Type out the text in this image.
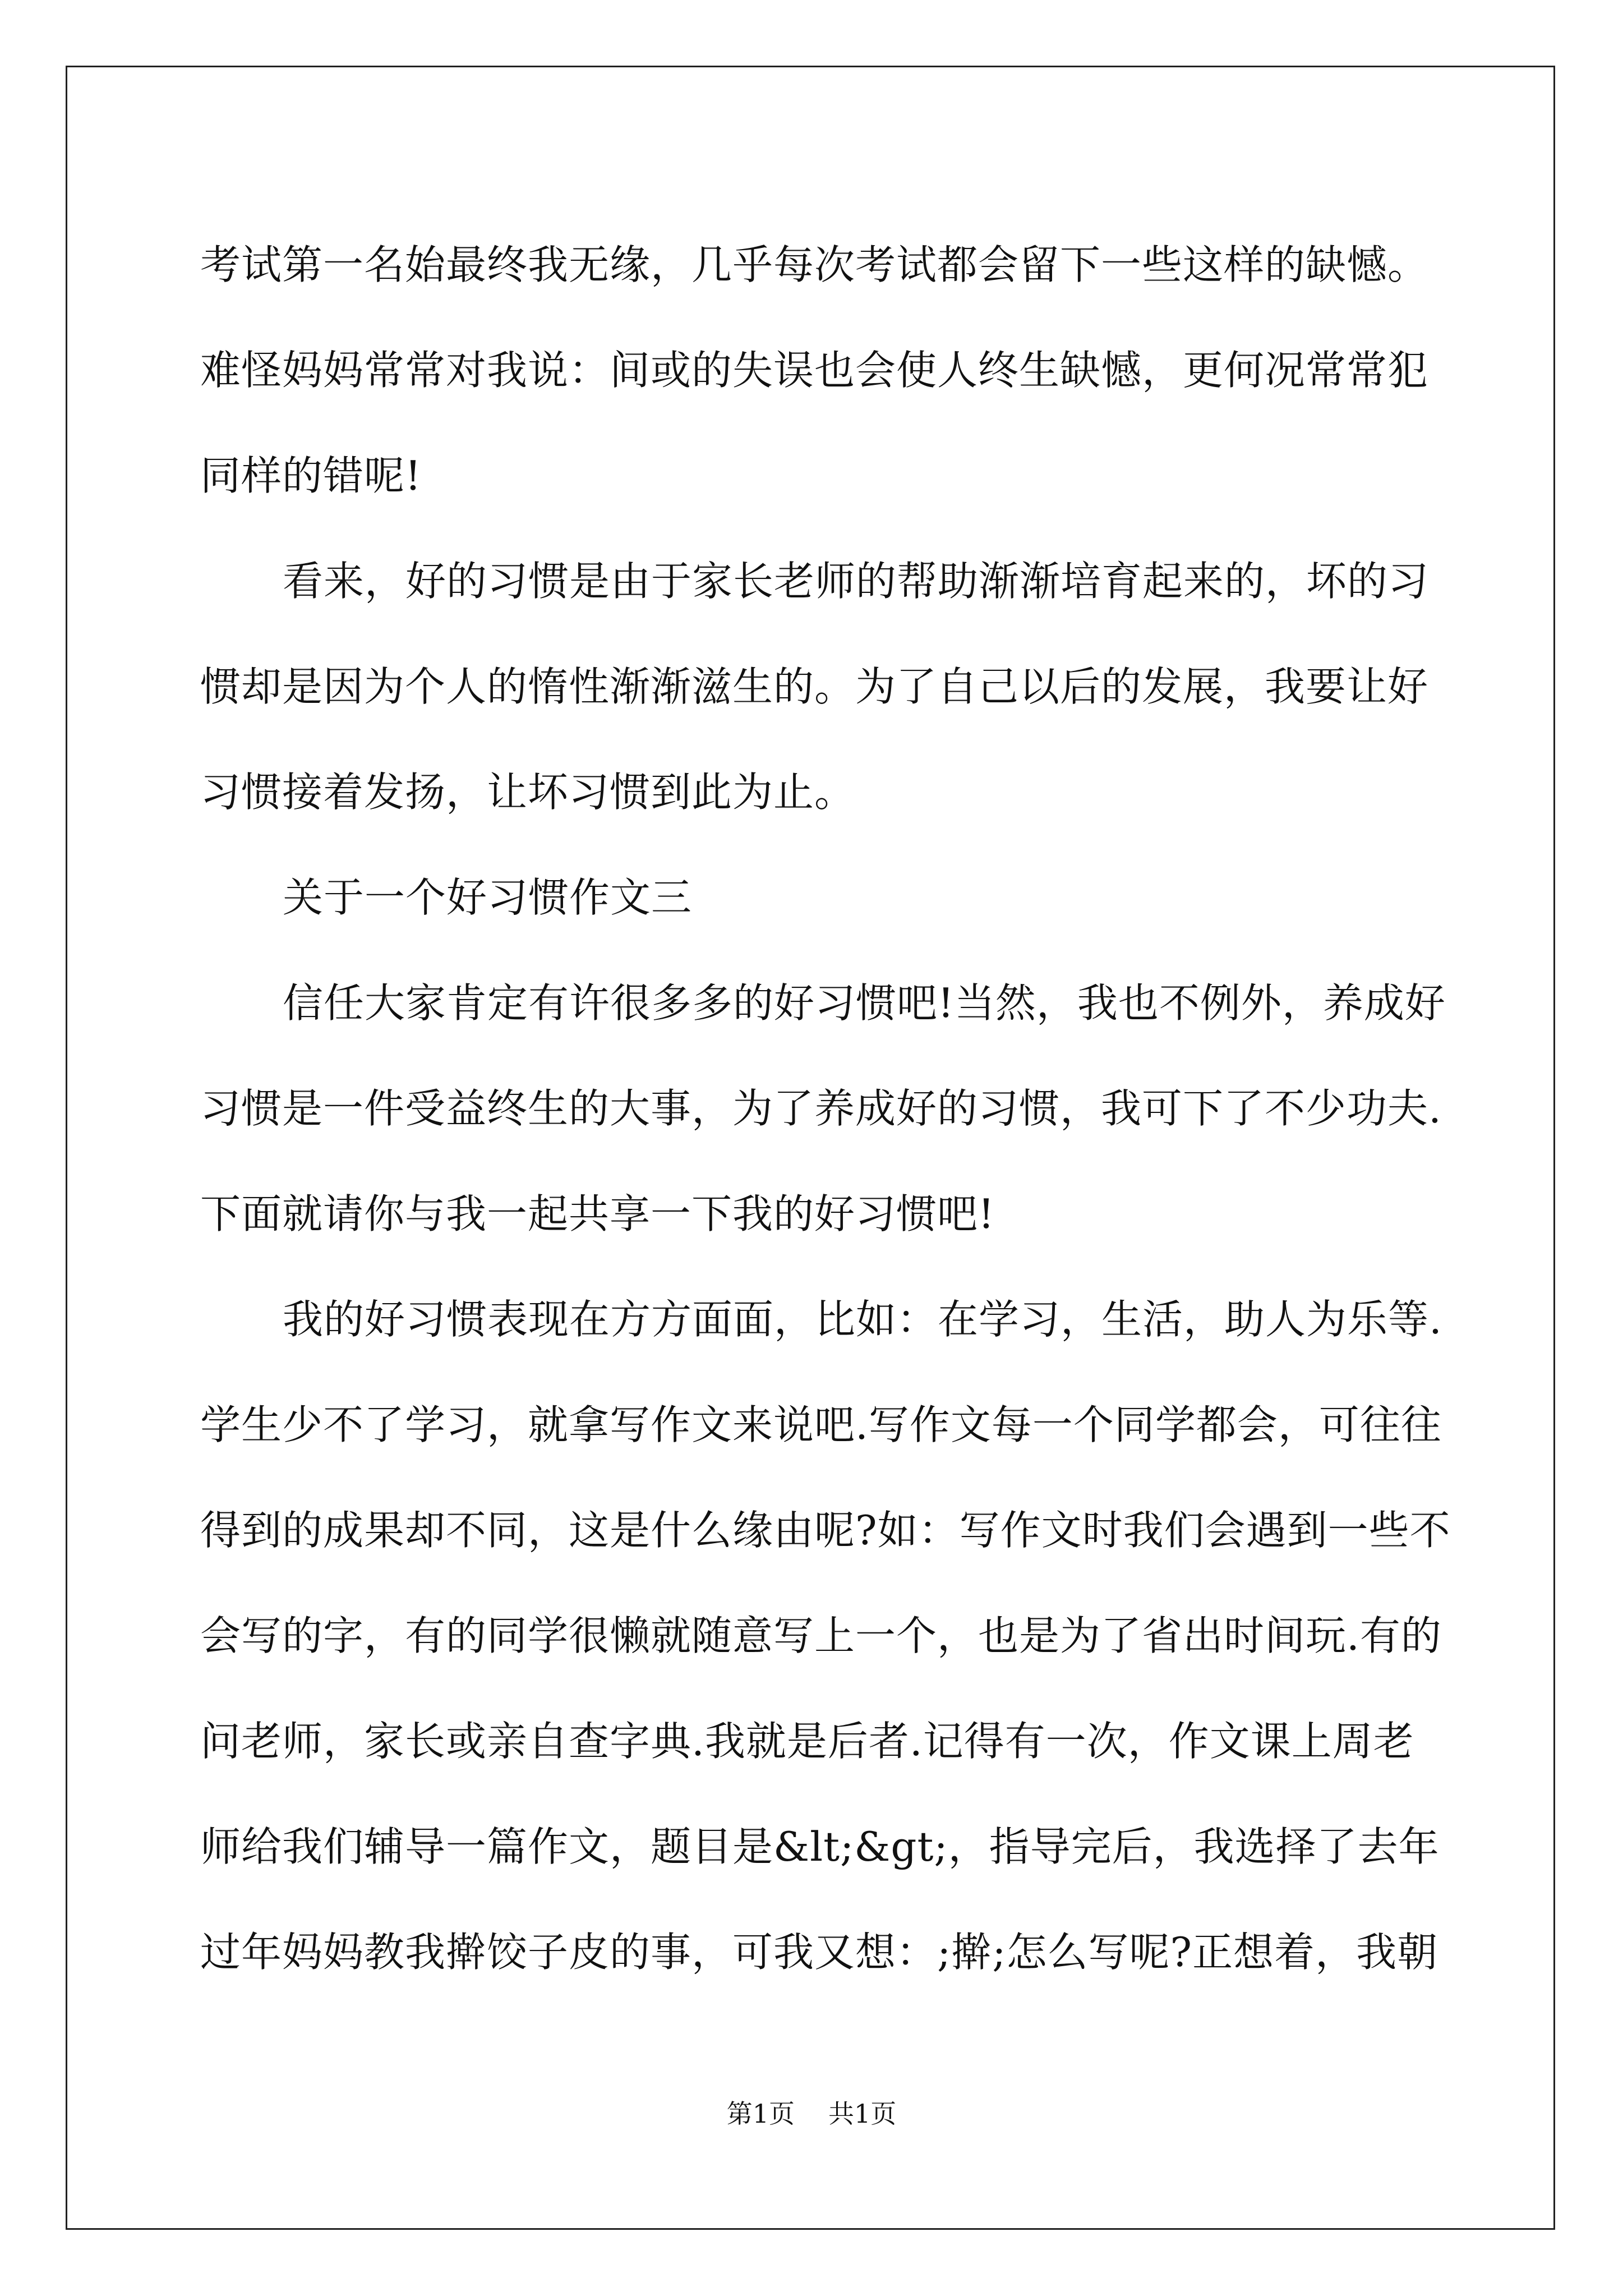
考试第一名始最终我无缘，几乎每次考试都会留下一些这样的缺憾。
难怪妈妈常常对我说：间或的失误也会使人终生缺憾，更何况常常犯
同样的错呢!

看来，好的习惯是由于家长老师的帮助渐渐培育起来的，坏的习
惯却是因为个人的惰性渐渐滋生的。为了自己以后的发展，我要让好
习惯接着发扬，让坏习惯到此为止。

关于一个好习惯作文三

信任大家肯定有许很多多的好习惯吧!当然，我也不例外，养成好
习惯是一件受益终生的大事，为了养成好的习惯，我可下了不少功夫.
下面就请你与我一起共享一下我的好习惯吧!

我的好习惯表现在方方面面，比如：在学习，生活，助人为乐等.
学生少不了学习，就拿写作文来说吧.写作文每一个同学都会，可往往
得到的成果却不同，这是什么缘由呢?如：写作文时我们会遇到一些不
会写的字，有的同学很懒就随意写上一个，也是为了省出时间玩.有的
问老师，家长或亲自查字典.我就是后者.记得有一次，作文课上周老
师给我们辅导一篇作文，题目是&lt;&gt;，指导完后，我选择了去年
过年妈妈教我擀饺子皮的事，可我又想：;擀;怎么写呢?正想着，我朝

第1页 共1页
